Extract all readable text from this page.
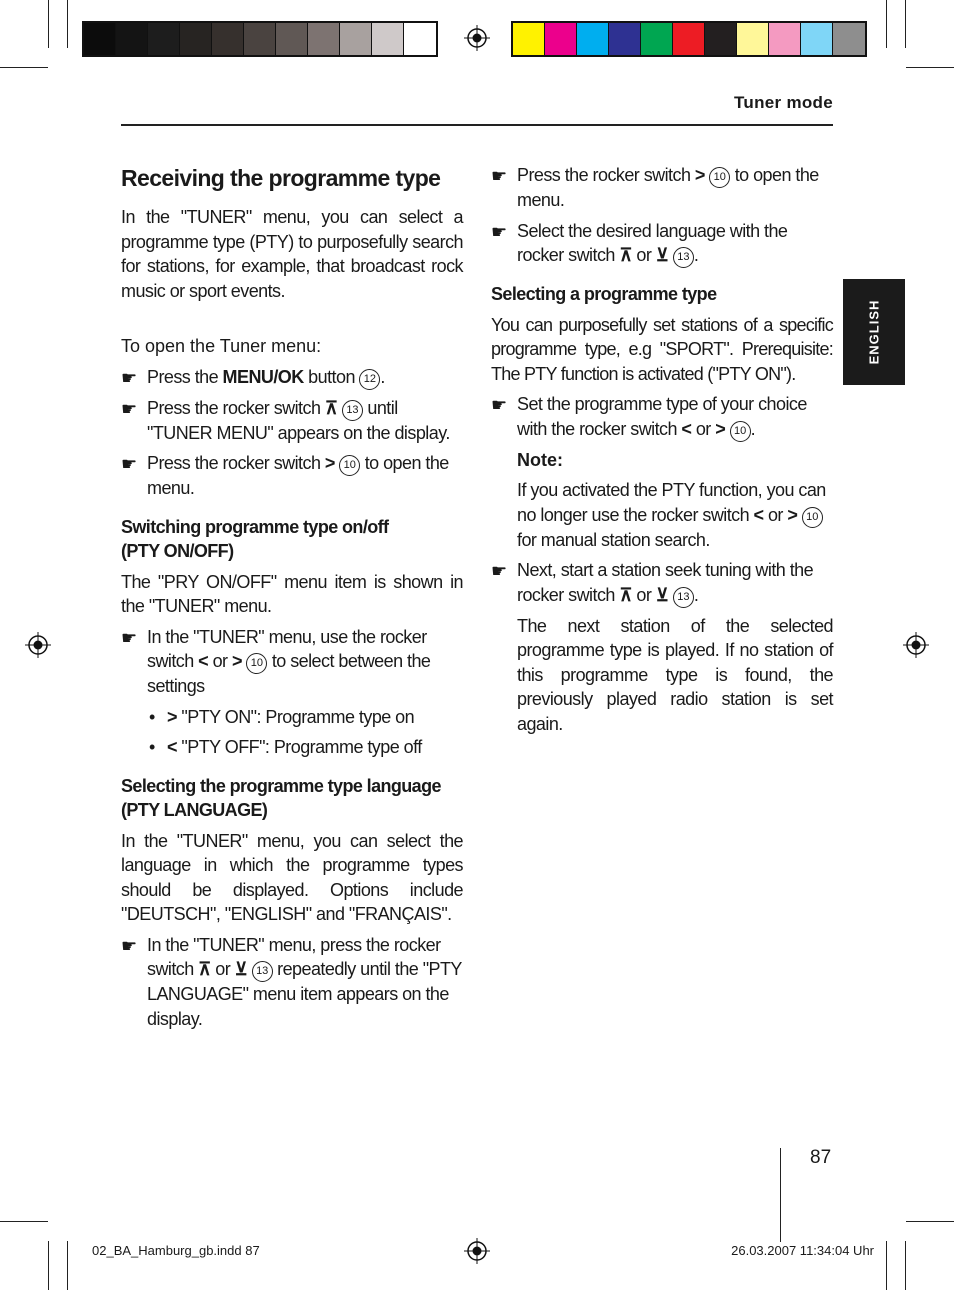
Tuner mode
ENGLISH
Receiving the programme type

In the "TUNER" menu, you can select a programme type (PTY) to purposefully search for stations, for example, that broadcast rock music or sport events.

To open the Tuner menu:

☛ Press the MENU/OK button 12 .
☛ Press the rocker switch ⊼ 13 until "TUNER MENU" appears on the display.
☛ Press the rocker switch > 10 to open the menu.
Switching programme type on/off
(PTY ON/OFF)

The "PRY ON/OFF" menu item is shown in the "TUNER" menu.

☛ In the "TUNER" menu, use the rocker switch < or > 10 to select between the settings
• > "PTY ON": Programme type on
• < "PTY OFF": Programme type off
Selecting the programme type language
(PTY LANGUAGE)

In the "TUNER" menu, you can select the language in which the programme types should be displayed. Options include "DEUTSCH", "ENGLISH" and "FRANÇAIS".

☛ In the "TUNER" menu, press the rocker switch ⊼ or ⊻ 13 repeatedly until the "PTY LANGUAGE" menu item appears on the display.
☛ Press the rocker switch > 10 to open the menu.
☛ Select the desired language with the rocker switch ⊼ or ⊻ 13 .
Selecting a programme type

You can purposefully set stations of a specific programme type, e.g "SPORT". Prerequisite: The PTY function is activated ("PTY ON").

☛ Set the programme type of your choice with the rocker switch < or > 10 .
Note:
If you activated the PTY function, you can no longer use the rocker switch < or > 10 for manual station search.
☛ Next, start a station seek tuning with the rocker switch ⊼ or ⊻ 13 .

The next station of the selected programme type is played. If no station of this programme type is found, the previously played radio station is set again.

87
02_BA_Hamburg_gb.indd 87	26.03.2007 11:34:04 Uhr
